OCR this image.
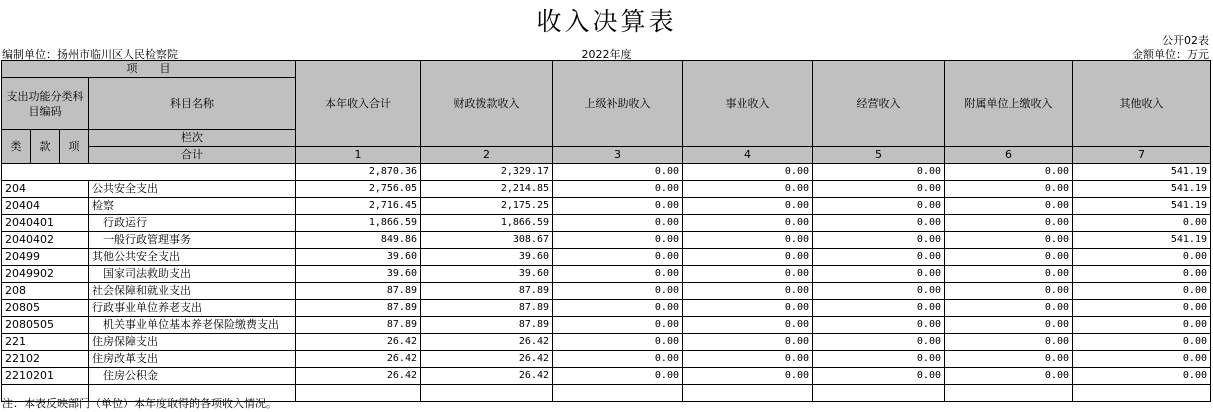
收入决算表
公开02表
编制单位：扬州市临川区人民检察院	2022年度	金额单位：万元
项　　目				本年收入合计	财政拨款收入	上级补助收入	事业收入	经营收入	附属单位上缴收入	其他收入
支出功能分类科目编码			科目名称							
类	款	项	栏次							
			合计	1	2	3	4	5	6	7
				2,870.36	2,329.17	0.00	0.00	0.00	0.00	541.19
204			公共安全支出	2,756.05	2,214.85	0.00	0.00	0.00	0.00	541.19
20404			检察	2,716.45	2,175.25	0.00	0.00	0.00	0.00	541.19
2040401			行政运行	1,866.59	1,866.59	0.00	0.00	0.00	0.00	0.00
2040402			一般行政管理事务	849.86	308.67	0.00	0.00	0.00	0.00	541.19
20499			其他公共安全支出	39.60	39.60	0.00	0.00	0.00	0.00	0.00
2049902			国家司法救助支出	39.60	39.60	0.00	0.00	0.00	0.00	0.00
208			社会保障和就业支出	87.89	87.89	0.00	0.00	0.00	0.00	0.00
20805			行政事业单位养老支出	87.89	87.89	0.00	0.00	0.00	0.00	0.00
2080505			机关事业单位基本养老保险缴费支出	87.89	87.89	0.00	0.00	0.00	0.00	0.00
221			住房保障支出	26.42	26.42	0.00	0.00	0.00	0.00	0.00
22102			住房改革支出	26.42	26.42	0.00	0.00	0.00	0.00	0.00
2210201			住房公积金	26.42	26.42	0.00	0.00	0.00	0.00	0.00

注：本表反映部门（单位）本年度取得的各项收入情况。
